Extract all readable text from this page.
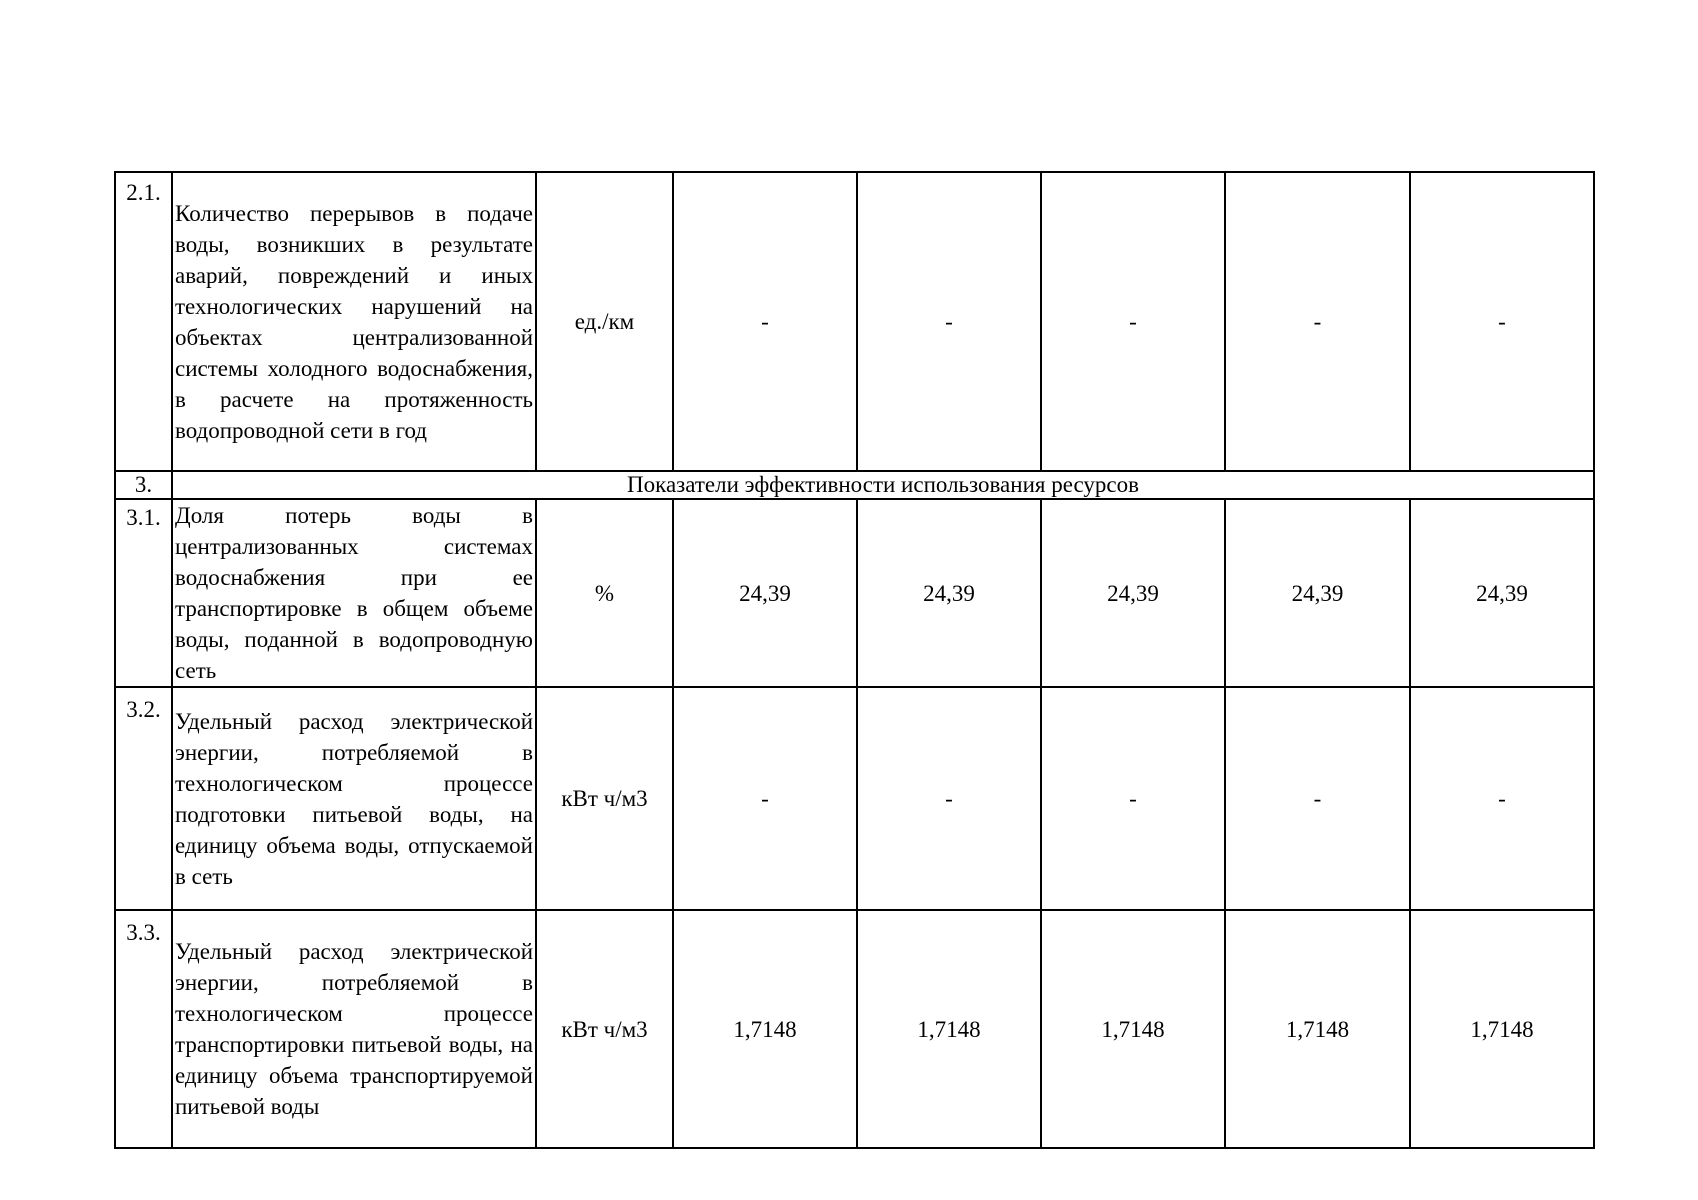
2.1.	Количество перерывов в подаче воды, возникших в результате аварий, повреждений и иных технологических нарушений на объектах централизованной системы холодного водоснабжения, в расчете на протяженность водопроводной сети в год	ед./км	-	-	-	-	-
3.	Показатели эффективности использования ресурсов						
3.1.	Доля потерь воды в централизованных системах водоснабжения при ее транспортировке в общем объеме воды, поданной в водопроводную сеть	%	24,39	24,39	24,39	24,39	24,39
3.2.	Удельный расход электрической энергии, потребляемой в технологическом процессе подготовки питьевой воды, на единицу объема воды, отпускаемой в сеть	кВт ч/м3	-	-	-	-	-
3.3.	Удельный расход электрической энергии, потребляемой в технологическом процессе транспортировки питьевой воды, на единицу объема транспортируемой питьевой воды	кВт ч/м3	1,7148	1,7148	1,7148	1,7148	1,7148
